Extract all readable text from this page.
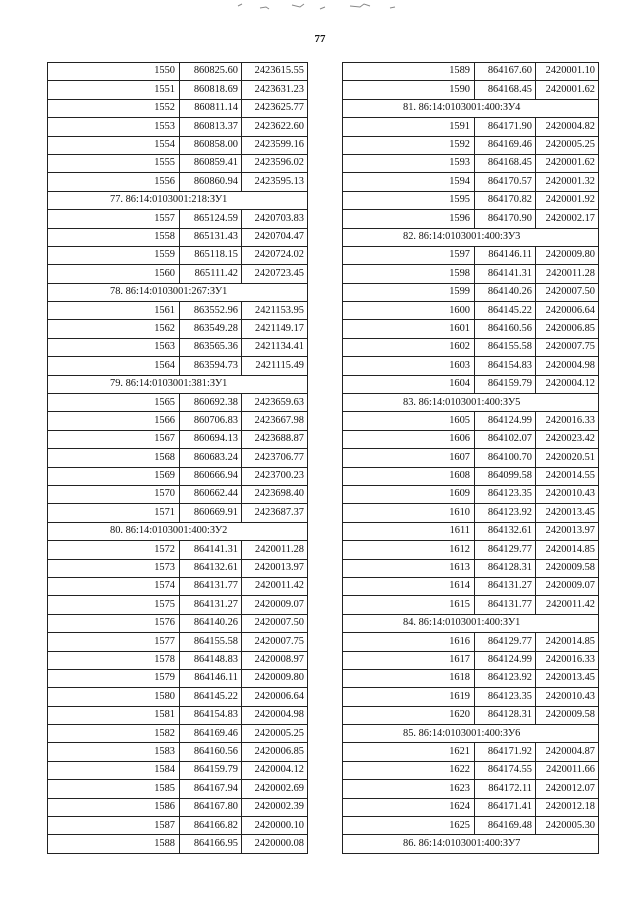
77
1550	860825.60	2423615.55
1551	860818.69	2423631.23
1552	860811.14	2423625.77
1553	860813.37	2423622.60
1554	860858.00	2423599.16
1555	860859.41	2423596.02
1556	860860.94	2423595.13
77. 86:14:0103001:218:ЗУ1		
1557	865124.59	2420703.83
1558	865131.43	2420704.47
1559	865118.15	2420724.02
1560	865111.42	2420723.45
78. 86:14:0103001:267:ЗУ1		
1561	863552.96	2421153.95
1562	863549.28	2421149.17
1563	863565.36	2421134.41
1564	863594.73	2421115.49
79. 86:14:0103001:381:ЗУ1		
1565	860692.38	2423659.63
1566	860706.83	2423667.98
1567	860694.13	2423688.87
1568	860683.24	2423706.77
1569	860666.94	2423700.23
1570	860662.44	2423698.40
1571	860669.91	2423687.37
80. 86:14:0103001:400:ЗУ2		
1572	864141.31	2420011.28
1573	864132.61	2420013.97
1574	864131.77	2420011.42
1575	864131.27	2420009.07
1576	864140.26	2420007.50
1577	864155.58	2420007.75
1578	864148.83	2420008.97
1579	864146.11	2420009.80
1580	864145.22	2420006.64
1581	864154.83	2420004.98
1582	864169.46	2420005.25
1583	864160.56	2420006.85
1584	864159.79	2420004.12
1585	864167.94	2420002.69
1586	864167.80	2420002.39
1587	864166.82	2420000.10
1588	864166.95	2420000.08
1589	864167.60	2420001.10
1590	864168.45	2420001.62
81. 86:14:0103001:400:ЗУ4		
1591	864171.90	2420004.82
1592	864169.46	2420005.25
1593	864168.45	2420001.62
1594	864170.57	2420001.32
1595	864170.82	2420001.92
1596	864170.90	2420002.17
82. 86:14:0103001:400:ЗУ3		
1597	864146.11	2420009.80
1598	864141.31	2420011.28
1599	864140.26	2420007.50
1600	864145.22	2420006.64
1601	864160.56	2420006.85
1602	864155.58	2420007.75
1603	864154.83	2420004.98
1604	864159.79	2420004.12
83. 86:14:0103001:400:ЗУ5		
1605	864124.99	2420016.33
1606	864102.07	2420023.42
1607	864100.70	2420020.51
1608	864099.58	2420014.55
1609	864123.35	2420010.43
1610	864123.92	2420013.45
1611	864132.61	2420013.97
1612	864129.77	2420014.85
1613	864128.31	2420009.58
1614	864131.27	2420009.07
1615	864131.77	2420011.42
84. 86:14:0103001:400:ЗУ1		
1616	864129.77	2420014.85
1617	864124.99	2420016.33
1618	864123.92	2420013.45
1619	864123.35	2420010.43
1620	864128.31	2420009.58
85. 86:14:0103001:400:ЗУ6		
1621	864171.92	2420004.87
1622	864174.55	2420011.66
1623	864172.11	2420012.07
1624	864171.41	2420012.18
1625	864169.48	2420005.30
86. 86:14:0103001:400:ЗУ7		
